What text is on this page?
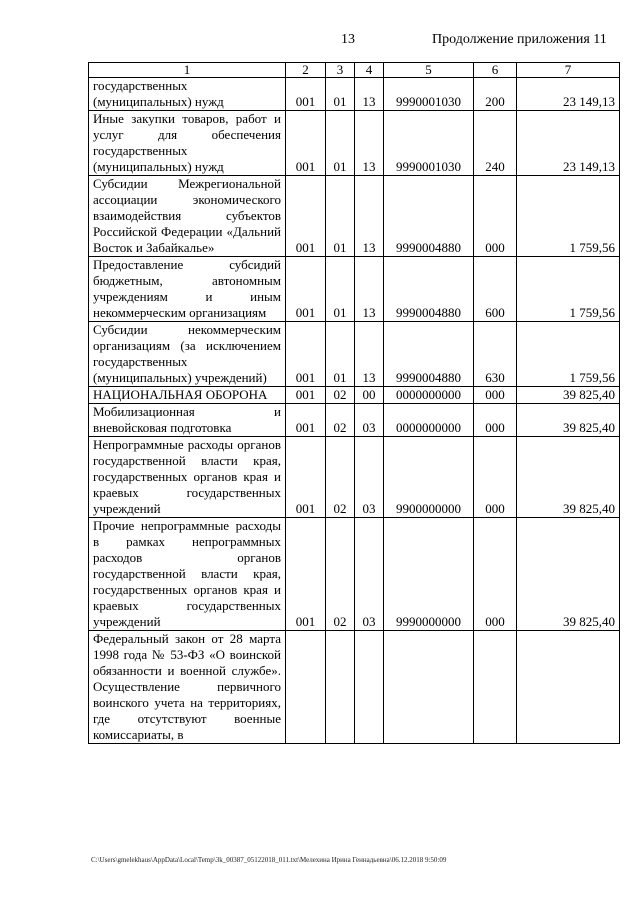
13	Продолжение приложения 11
1	2	3	4	5	6	7
государственных (муниципальных) нужд	001	01	13	9990001030	200	23 149,13
Иные закупки товаров, работ и услуг для обеспечения государственных (муниципальных) нужд	001	01	13	9990001030	240	23 149,13
Субсидии Межрегиональной ассоциации экономического взаимодействия субъектов Российской Федерации «Дальний Восток и Забайкалье»	001	01	13	9990004880	000	1 759,56
Предоставление субсидий бюджетным, автономным учреждениям и иным некоммерческим организациям	001	01	13	9990004880	600	1 759,56
Субсидии некоммерческим организациям (за исключением государственных (муниципальных) учреждений)	001	01	13	9990004880	630	1 759,56
НАЦИОНАЛЬНАЯ ОБОРОНА	001	02	00	0000000000	000	39 825,40
Мобилизационная и вневойсковая подготовка	001	02	03	0000000000	000	39 825,40
Непрограммные расходы органов государственной власти края, государственных органов края и краевых государственных учреждений	001	02	03	9900000000	000	39 825,40
Прочие непрограммные расходы в рамках непрограммных расходов органов государственной власти края, государственных органов края и краевых государственных учреждений	001	02	03	9990000000	000	39 825,40
Федеральный закон от 28 марта 1998 года № 53-ФЗ «О воинской обязанности и военной службе». Осуществление первичного воинского учета на территориях, где отсутствуют военные комиссариаты, в						
C:\Users\gmelekhaus\AppData\Local\Temp\3k_00387_05122018_011.txt\Мелехина Ирина Геннадьевна\06.12.2018 9:50:09
